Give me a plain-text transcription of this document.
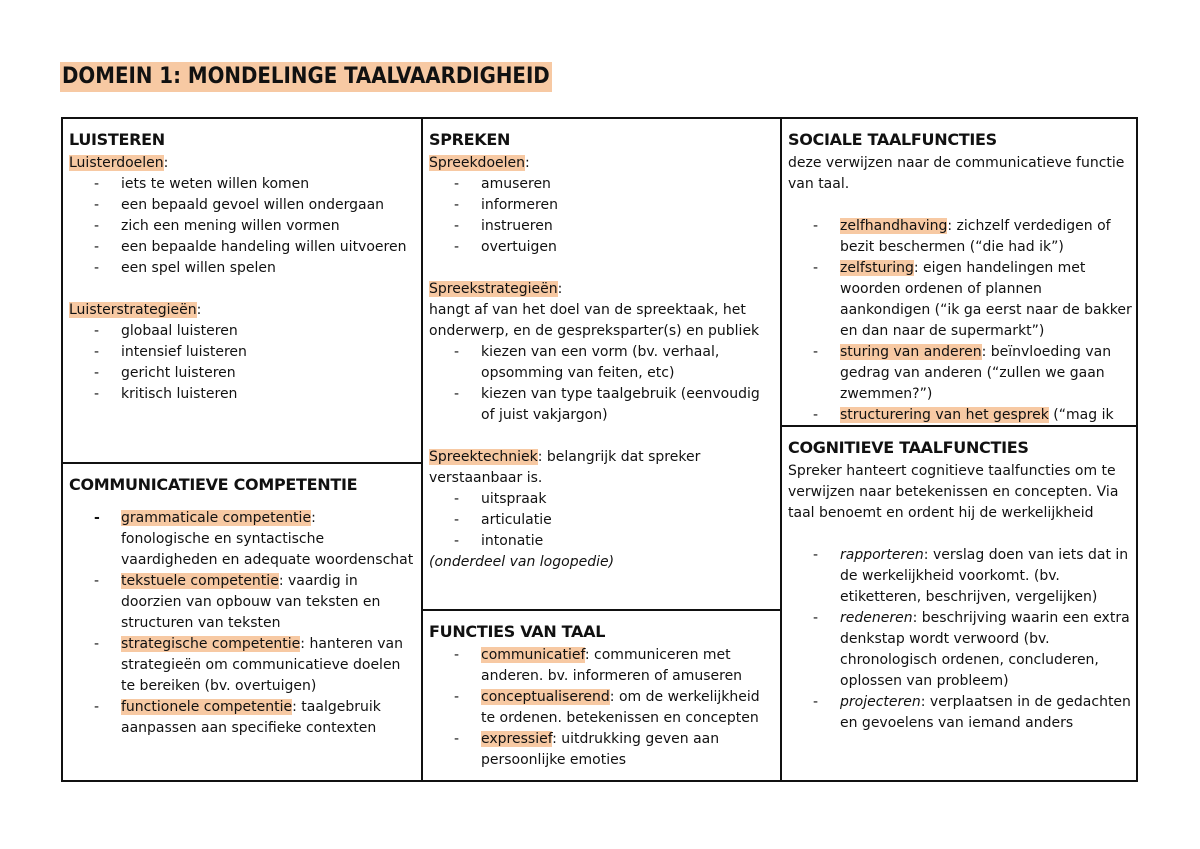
DOMEIN 1: MONDELINGE TAALVAARDIGHEID
LUISTEREN

Luisterdoelen:

- iets te weten willen komen
- een bepaald gevoel willen ondergaan
- zich een mening willen vormen
- een bepaalde handeling willen uitvoeren
- een spel willen spelen

Luisterstrategieën:

- globaal luisteren
- intensief luisteren
- gericht luisteren
- kritisch luisteren
COMMUNICATIEVE COMPETENTIE
- grammaticale competentie:
fonologische en syntactische vaardigheden en adequate woordenschat
- tekstuele competentie: vaardig in doorzien van opbouw van teksten en structuren van teksten
- strategische competentie: hanteren van strategieën om communicatieve doelen te bereiken (bv. overtuigen)
- functionele competentie: taalgebruik aanpassen aan specifieke contexten
SPREKEN

Spreekdoelen:

- amuseren
- informeren
- instrueren
- overtuigen

Spreekstrategieën:

hangt af van het doel van de spreektaak, het onderwerp, en de gespreksparter(s) en publiek

- kiezen van een vorm (bv. verhaal, opsomming van feiten, etc)
- kiezen van type taalgebruik (eenvoudig of juist vakjargon)

Spreektechniek: belangrijk dat spreker verstaanbaar is.

- uitspraak
- articulatie
- intonatie

(onderdeel van logopedie)

FUNCTIES VAN TAAL
- communicatief: communiceren met anderen. bv. informeren of amuseren
- conceptualiserend: om de werkelijkheid te ordenen. betekenissen en concepten
- expressief: uitdrukking geven aan persoonlijke emoties
SOCIALE TAALFUNCTIES

deze verwijzen naar de communicatieve functie van taal.

- zelfhandhaving: zichzelf verdedigen of bezit beschermen (“die had ik”)
- zelfsturing: eigen handelingen met woorden ordenen of plannen aankondigen (“ik ga eerst naar de bakker en dan naar de supermarkt”)
- sturing van anderen: beïnvloeding van gedrag van anderen (“zullen we gaan zwemmen?”)
- structurering van het gesprek (“mag ik
COGNITIEVE TAALFUNCTIES

Spreker hanteert cognitieve taalfuncties om te verwijzen naar betekenissen en concepten. Via taal benoemt en ordent hij de werkelijkheid

- rapporteren: verslag doen van iets dat in de werkelijkheid voorkomt. (bv. etiketteren, beschrijven, vergelijken)
- redeneren: beschrijving waarin een extra denkstap wordt verwoord (bv. chronologisch ordenen, concluderen, oplossen van probleem)
- projecteren: verplaatsen in de gedachten en gevoelens van iemand anders
